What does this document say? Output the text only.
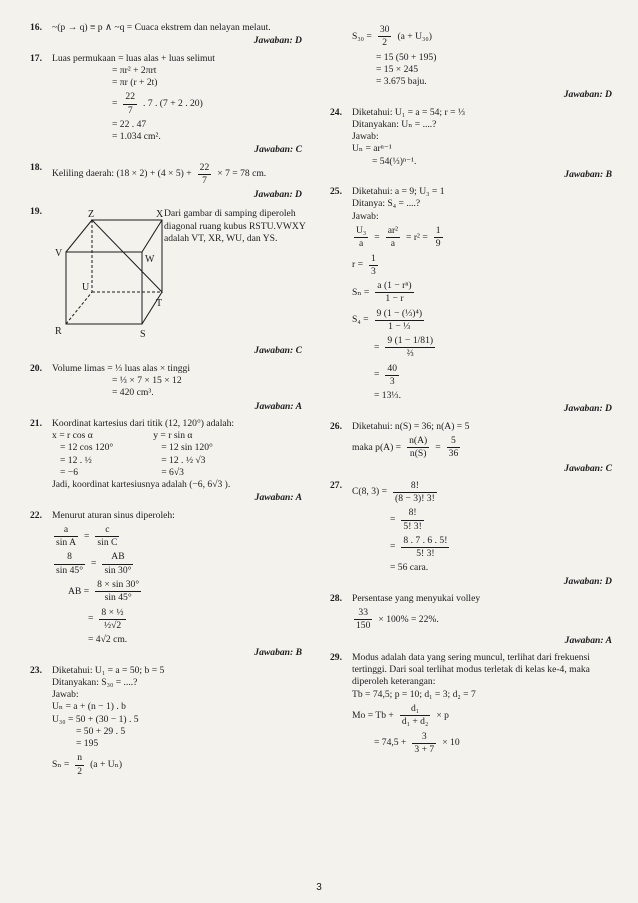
16. ~(p → q) ≡ p ∧ ~q = Cuaca ekstrem dan nelayan melaut.
Jawaban: D
17. Luas permukaan = luas alas + luas selimut
= πr² + 2πrt
= πr (r + 2t)
= $\frac{22}{7}$ . 7 . (7 + 2 . 20)
= 22 . 47
= 1.034 cm².
Jawaban: C
18.
Keliling daerah: $(18 \times 2) + (4 \times 5) + \frac{22}{7} \times 7 = 78$ cm.
Jawaban: D
19.	Z	X
V
W
U
T
R	S
Dari gambar di samping diperoleh diagonal ruang kubus RSTU.VWXY adalah VT, XR, WU, dan YS.
Jawaban: C
20. Volume limas = ⅓ luas alas × tinggi
= ⅓ × 7 × 15 × 12
= 420 cm³.
Jawaban: A
21. Koordinat kartesius dari titik (12, 120°) adalah:
x = r cos α
= 12 cos 120°
= 12 . ½
= −6
y = r sin α
= 12 sin 120°
= 12 . ½ √3
= 6√3
Jadi, koordinat kartesiusnya adalah (−6, 6√3 ).
Jawaban: A
22. Menurut aturan sinus diperoleh:
$\frac{a}{\text{sin A}} = \frac{c}{\text{sin C}}$
$\frac{8}{\sin 45^\circ} = \frac{AB}{\sin 30^\circ}$
AB = $\frac{8 \times \sin 30^\circ}{\sin 45^\circ}$
= $\frac{\text{8 × ½}}{\text{½√2}}$
= 4√2 cm.
Jawaban: B
23. Diketahui: U₁ = a = 50; b = 5
Ditanyakan: S₃₀ = ....?
Jawab:
Uₙ = a + (n − 1) . b
U₃₀ = 50 + (30 − 1) . 5
= 50 + 29 . 5
= 195
$S_n = \frac{n}{2} (a + U_n)$
$S_{30} = \frac{30}{2} (a + U_{30})$
= 15 (50 + 195)
= 15 × 245
= 3.675 baju.
Jawaban: D
24. Diketahui: U₁ = a = 54; r = ⅓
Ditanyakan: Uₙ = ....?
Jawab:
Uₙ = arⁿ⁻¹
= 54(⅓)ⁿ⁻¹.
Jawaban: B
25. Diketahui: a = 9; U₃ = 1
Ditanya: S₄ = ....?
Jawab:
$\frac{\text{U₃}}{a} = \frac{\text{ar²}}{a} = r^2 = \frac{1}{9}$
$r = \frac{1}{3}$
$S_n = \frac{\text{a (1 − rⁿ)}}{1 - r}$
$S_4 = \frac{\text{9 (1 − (⅓)⁴)}}{\text{1 − ⅓}}$
= $\frac{9 (1 - 1/81)}{\text{⅔}}$
= $\frac{40}{3}$
= 13⅓.
Jawaban: D
26. Diketahui: n(S) = 36; n(A) = 5
maka $p(A) = \frac{n(A)}{n(S)} = \frac{5}{36}$
Jawaban: C
27.
C(8, $3) = \frac{8!}{(8 - 3)! 3!}$
= $\frac{8!}{5! 3!}$
= $\frac{8 . 7 . 6 . 5!}{5! 3!}$
= 56 cara.
Jawaban: D
28. Persentase yang menyukai volley
$\frac{33}{150} \times 100\% = 22\%$.
Jawaban: A
29. Modus adalah data yang sering muncul, terlihat dari frekuensi tertinggi. Dari soal terlihat modus terletak di kelas ke-4, maka diperoleh keterangan:
Tb = 74,5; p = 10; d₁ = 3; d₂ = 7
$Mo = Tb + \frac{\text{d₁}}{\text{d₁ + d₂}} \times p$
= $74,5 + \frac{3}{3 + 7} \times 10$
3
